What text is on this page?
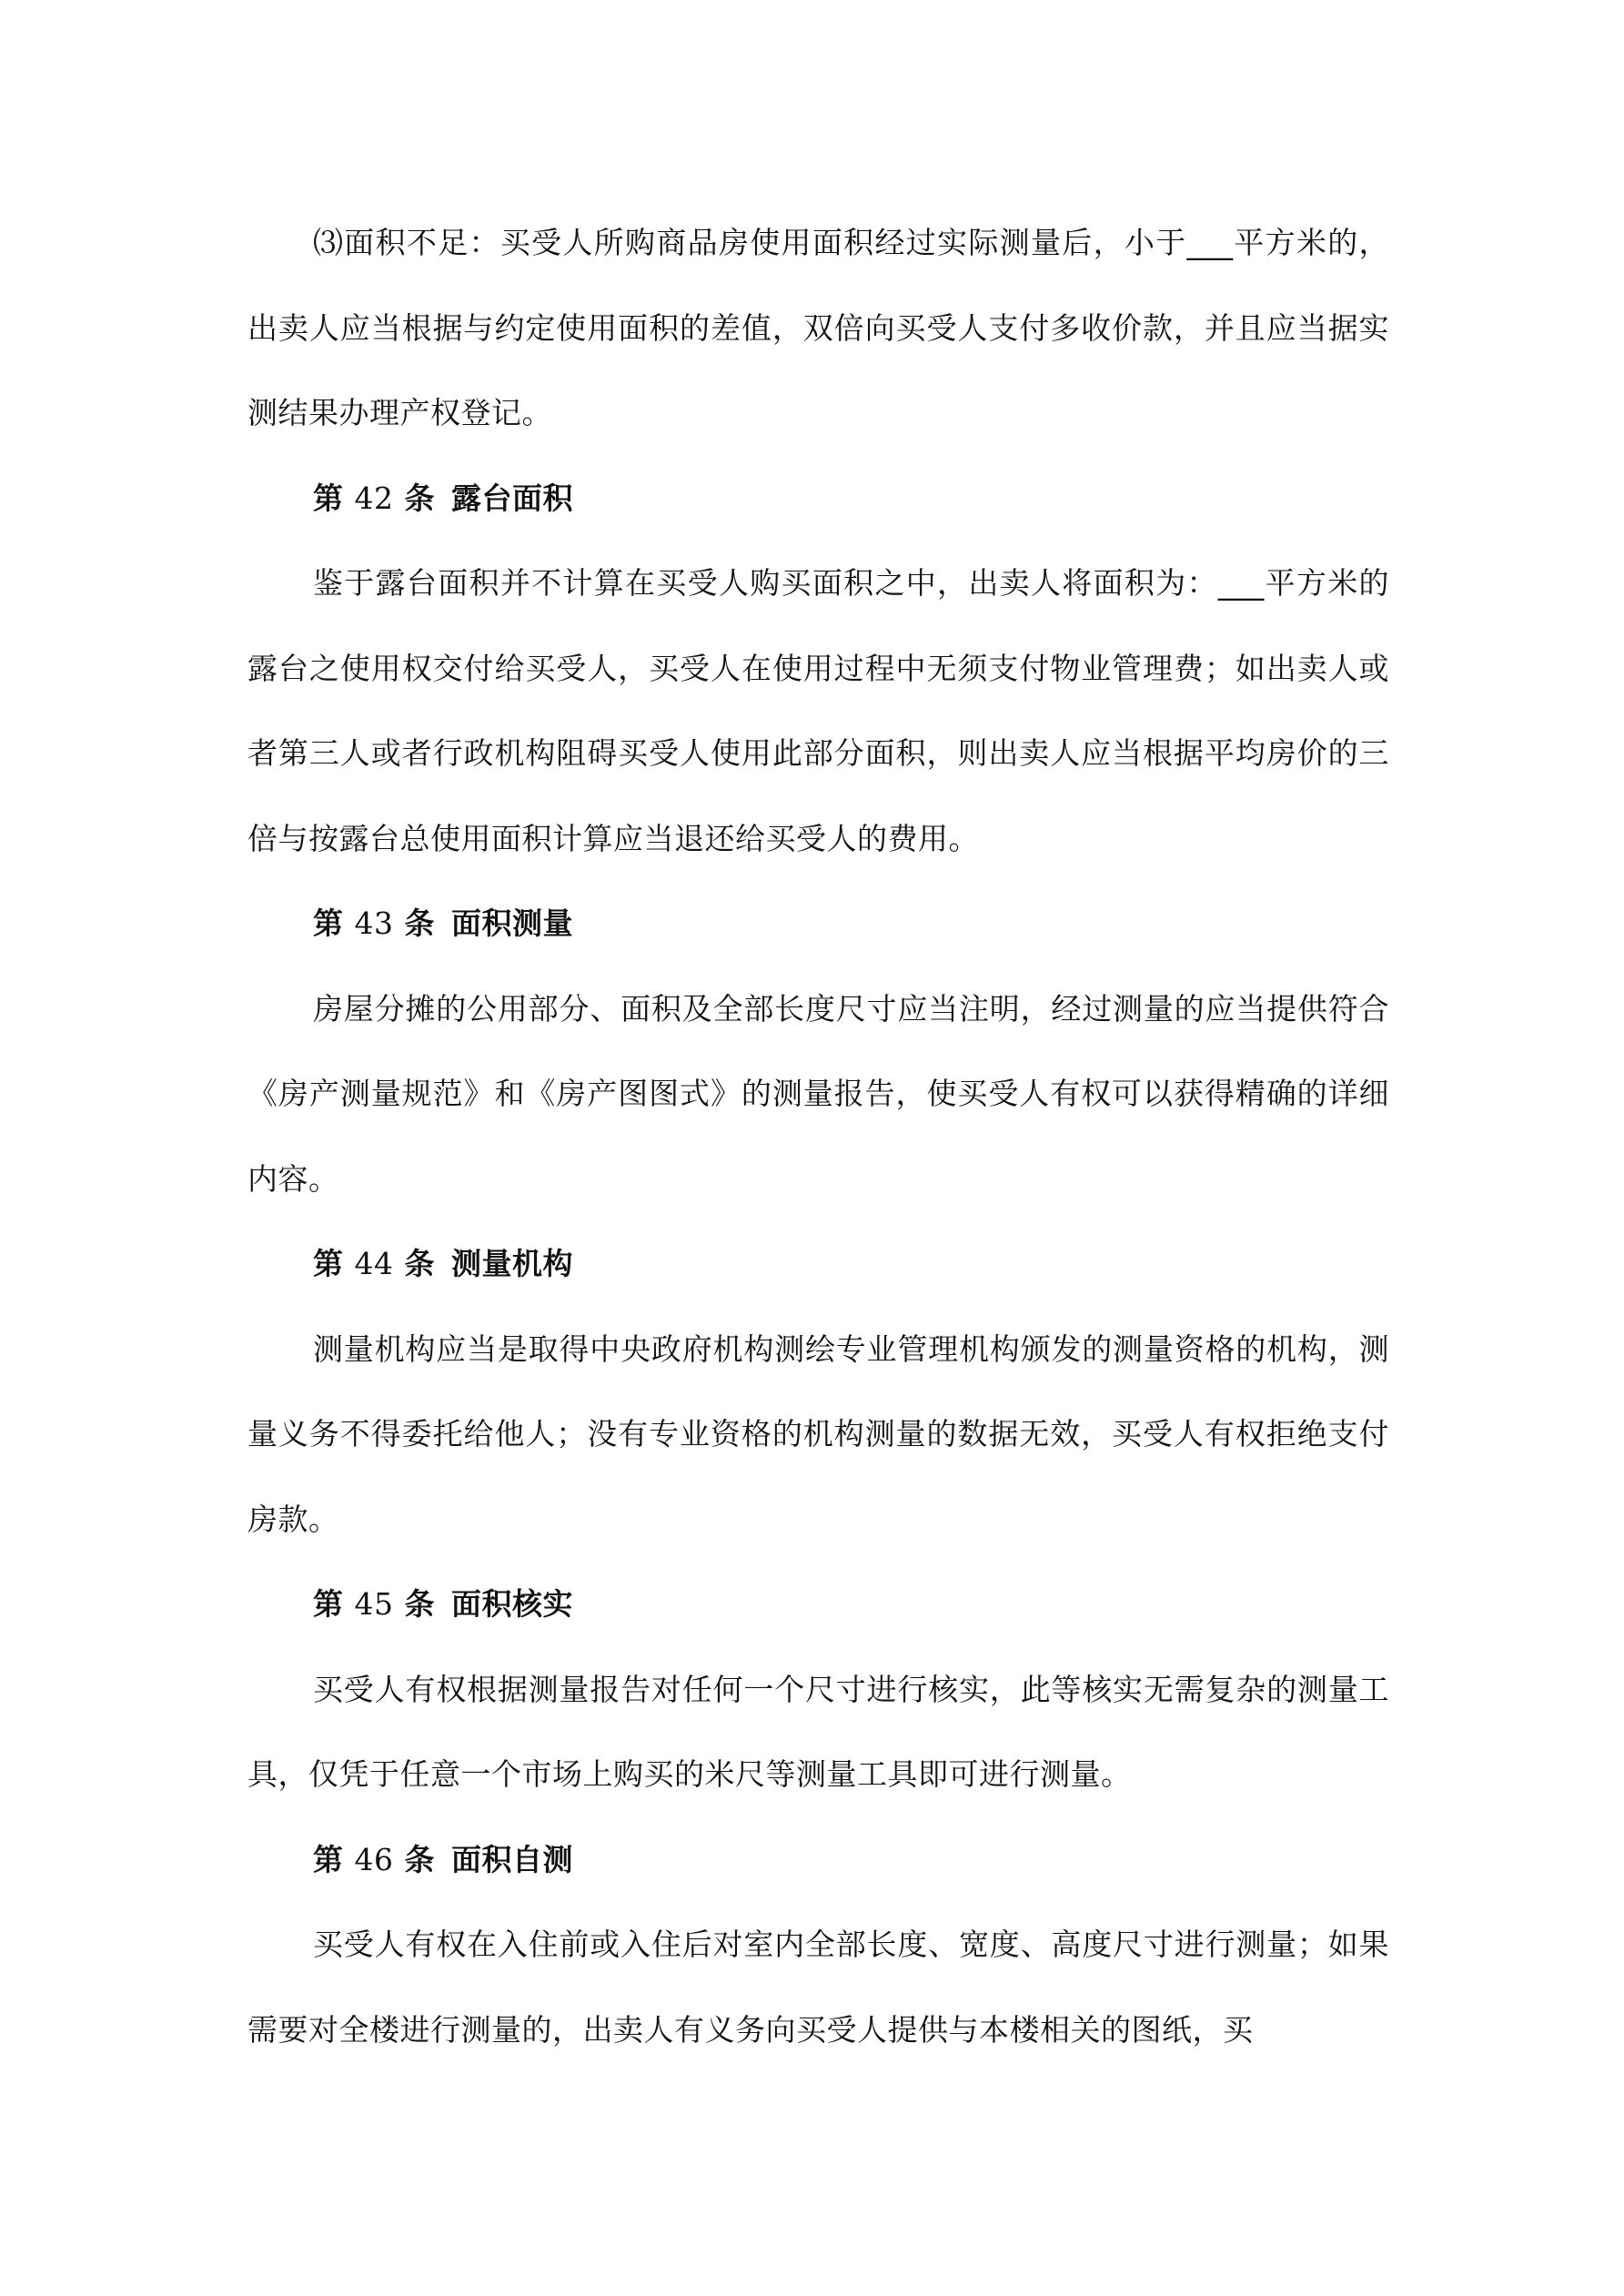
⑶面积不足：买受人所购商品房使用面积经过实际测量后，小于___平方米的，出卖人应当根据与约定使用面积的差值，双倍向买受人支付多收价款，并且应当据实测结果办理产权登记。

第 42 条 露台面积

鉴于露台面积并不计算在买受人购买面积之中，出卖人将面积为：___平方米的露台之使用权交付给买受人，买受人在使用过程中无须支付物业管理费；如出卖人或者第三人或者行政机构阻碍买受人使用此部分面积，则出卖人应当根据平均房价的三倍与按露台总使用面积计算应当退还给买受人的费用。

第 43 条 面积测量

房屋分摊的公用部分、面积及全部长度尺寸应当注明，经过测量的应当提供符合《房产测量规范》和《房产图图式》的测量报告，使买受人有权可以获得精确的详细内容。

第 44 条 测量机构

测量机构应当是取得中央政府机构测绘专业管理机构颁发的测量资格的机构，测量义务不得委托给他人；没有专业资格的机构测量的数据无效，买受人有权拒绝支付房款。

第 45 条 面积核实

买受人有权根据测量报告对任何一个尺寸进行核实，此等核实无需复杂的测量工具，仅凭于任意一个市场上购买的米尺等测量工具即可进行测量。

第 46 条 面积自测

买受人有权在入住前或入住后对室内全部长度、宽度、高度尺寸进行测量；如果需要对全楼进行测量的，出卖人有义务向买受人提供与本楼相关的图纸，买
